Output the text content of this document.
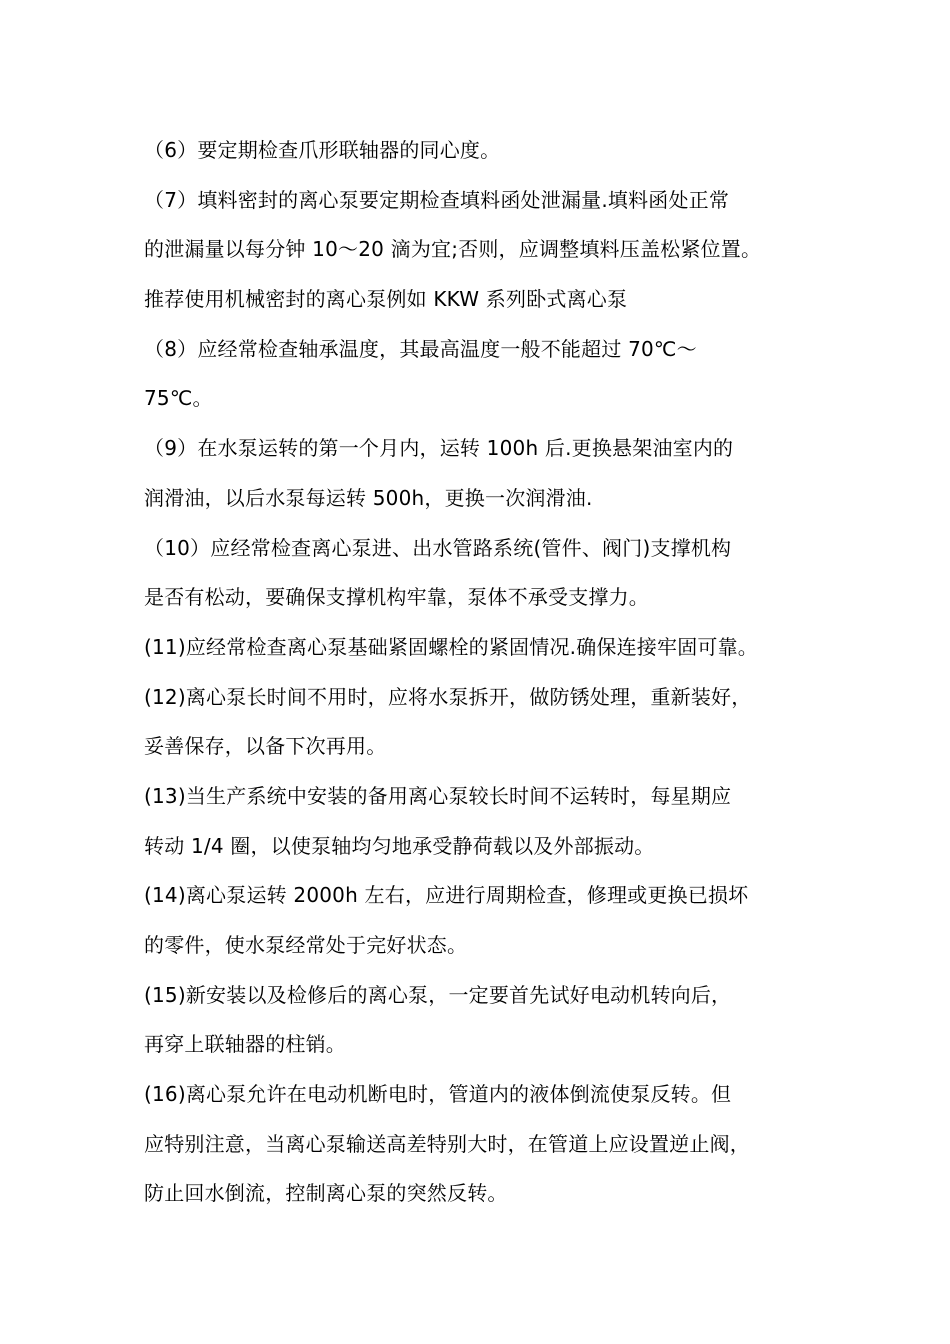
（6）要定期检查爪形联轴器的同心度。
（7）填料密封的离心泵要定期检查填料函处泄漏量.填料函处正常
的泄漏量以每分钟 10～20 滴为宜;否则，应调整填料压盖松紧位置。
推荐使用机械密封的离心泵例如 KKW 系列卧式离心泵
（8）应经常检查轴承温度，其最高温度一般不能超过 70℃～
75℃。
（9）在水泵运转的第一个月内，运转 100h 后.更换悬架油室内的
润滑油，以后水泵每运转 500h，更换一次润滑油.
（10）应经常检查离心泵进、出水管路系统(管件、阀门)支撑机构
是否有松动，要确保支撑机构牢靠，泵体不承受支撑力。
(11)应经常检查离心泵基础紧固螺栓的紧固情况.确保连接牢固可靠。
(12)离心泵长时间不用时，应将水泵拆开，做防锈处理，重新装好，
妥善保存，以备下次再用。
(13)当生产系统中安装的备用离心泵较长时间不运转时，每星期应
转动 1/4 圈，以使泵轴均匀地承受静荷载以及外部振动。
(14)离心泵运转 2000h 左右，应进行周期检查，修理或更换已损坏
的零件，使水泵经常处于完好状态。
(15)新安装以及检修后的离心泵，一定要首先试好电动机转向后，
再穿上联轴器的柱销。
(16)离心泵允许在电动机断电时，管道内的液体倒流使泵反转。但
应特别注意，当离心泵输送高差特别大时，在管道上应设置逆止阀，
防止回水倒流，控制离心泵的突然反转。
